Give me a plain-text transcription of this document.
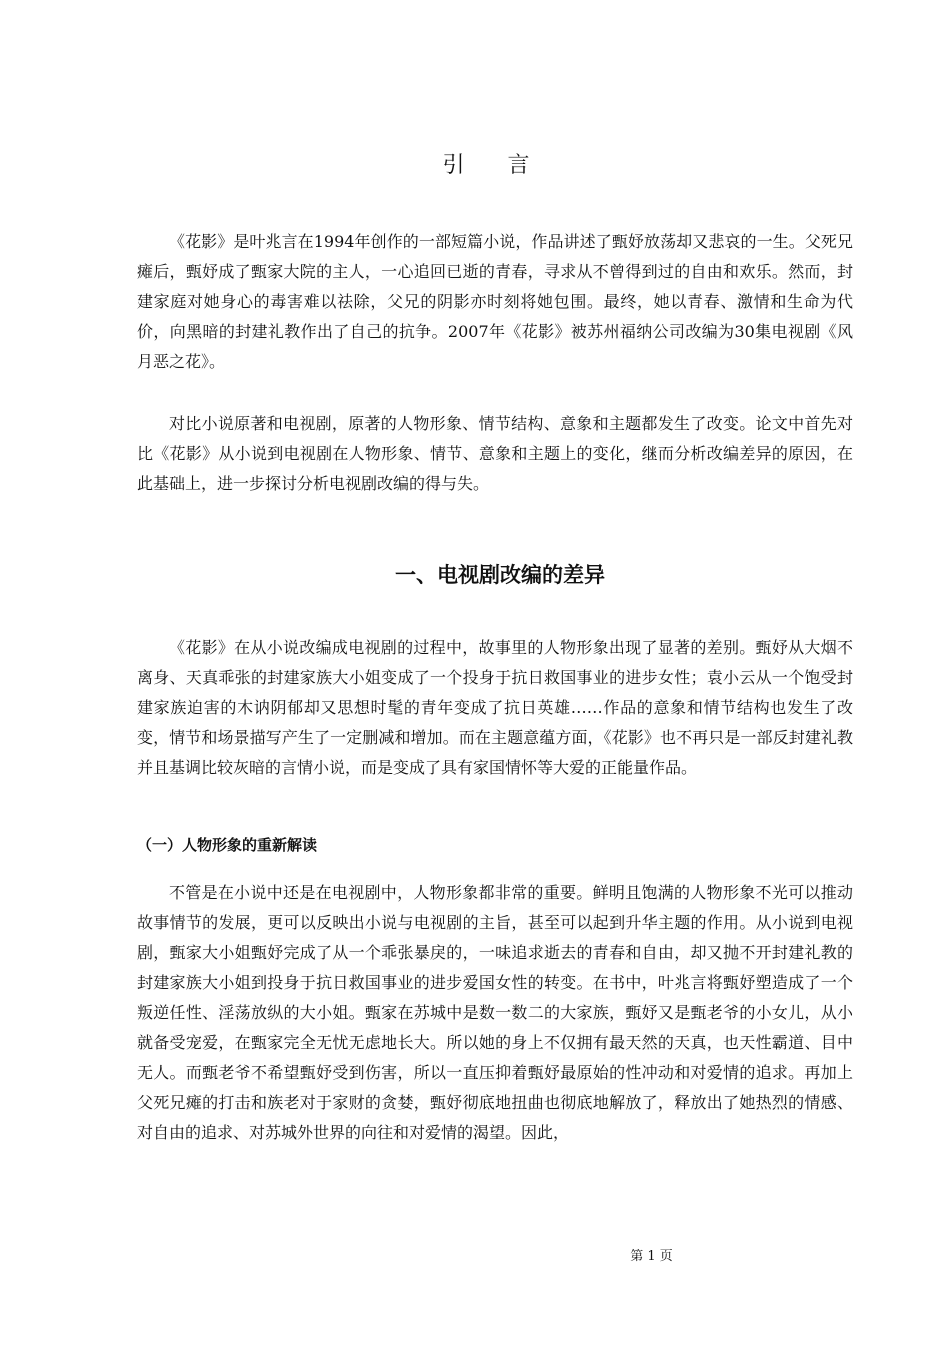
引 言

《花影》是叶兆言在1994年创作的一部短篇小说，作品讲述了甄妤放荡却又悲哀的一生。父死兄瘫后，甄妤成了甄家大院的主人，一心追回已逝的青春，寻求从不曾得到过的自由和欢乐。然而，封建家庭对她身心的毒害难以祛除，父兄的阴影亦时刻将她包围。最终，她以青春、激情和生命为代价，向黑暗的封建礼教作出了自己的抗争。2007年《花影》被苏州福纳公司改编为30集电视剧《风月恶之花》。

对比小说原著和电视剧，原著的人物形象、情节结构、意象和主题都发生了改变。论文中首先对比《花影》从小说到电视剧在人物形象、情节、意象和主题上的变化，继而分析改编差异的原因，在此基础上，进一步探讨分析电视剧改编的得与失。

一、电视剧改编的差异

《花影》在从小说改编成电视剧的过程中，故事里的人物形象出现了显著的差别。甄妤从大烟不离身、天真乖张的封建家族大小姐变成了一个投身于抗日救国事业的进步女性；袁小云从一个饱受封建家族迫害的木讷阴郁却又思想时髦的青年变成了抗日英雄……作品的意象和情节结构也发生了改变，情节和场景描写产生了一定删减和增加。而在主题意蕴方面，《花影》也不再只是一部反封建礼教并且基调比较灰暗的言情小说，而是变成了具有家国情怀等大爱的正能量作品。

（一）人物形象的重新解读

不管是在小说中还是在电视剧中，人物形象都非常的重要。鲜明且饱满的人物形象不光可以推动故事情节的发展，更可以反映出小说与电视剧的主旨，甚至可以起到升华主题的作用。从小说到电视剧，甄家大小姐甄妤完成了从一个乖张暴戾的，一味追求逝去的青春和自由，却又抛不开封建礼教的封建家族大小姐到投身于抗日救国事业的进步爱国女性的转变。在书中，叶兆言将甄妤塑造成了一个叛逆任性、淫荡放纵的大小姐。甄家在苏城中是数一数二的大家族，甄妤又是甄老爷的小女儿，从小就备受宠爱，在甄家完全无忧无虑地长大。所以她的身上不仅拥有最天然的天真，也天性霸道、目中无人。而甄老爷不希望甄妤受到伤害，所以一直压抑着甄妤最原始的性冲动和对爱情的追求。再加上父死兄瘫的打击和族老对于家财的贪婪，甄妤彻底地扭曲也彻底地解放了，释放出了她热烈的情感、对自由的追求、对苏城外世界的向往和对爱情的渴望。因此，

第 1 页
